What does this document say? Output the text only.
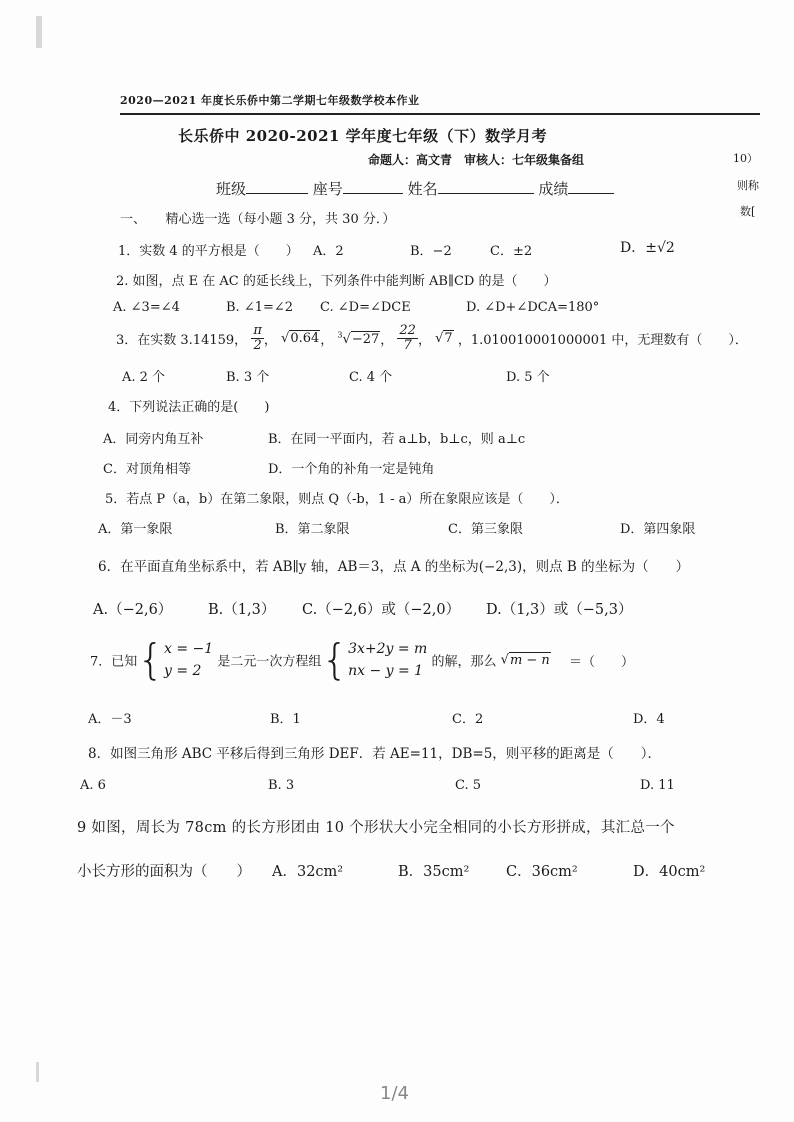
2020—2021 年度长乐侨中第二学期七年级数学校本作业
长乐侨中 2020-2021 学年度七年级（下）数学月考
命题人：高文青　审核人：七年级集备组	10）
则称
数[
班级	座号	姓名	成绩
一、　　精心选一选（每小题 3 分，共 30 分．）
1．实数 4 的平方根是（　　） A．2	B．−2	C．±2	D．±√2
2. 如图，点 E 在 AC 的延长线上，下列条件中能判断 AB∥CD 的是（　　）
A. ∠3=∠4	B. ∠1=∠2 C. ∠D=∠DCE	D. ∠D+∠DCA=180°
3．在实数 3.14159， $\frac{\pi}{2}$ ， √0.64， $^3$√−27， $\frac{22}{7}$ ， √7 ，1.010010001000001 中，无理数有（　　）．
A. 2 个	B. 3 个	C. 4 个	D. 5 个
4．下列说法正确的是(　　)
A．同旁内角互补	B．在同一平面内，若 a⊥b，b⊥c，则 a⊥c
C．对顶角相等	D．一个角的补角一定是钝角
5．若点 P（a，b）在第二象限，则点 Q（-b，1 - a）所在象限应该是（　　）．
A．第一象限	B．第二象限	C．第三象限	D．第四象限
6．在平面直角坐标系中，若 AB∥y 轴，AB＝3，点 A 的坐标为(−2,3)，则点 B 的坐标为（　　）
A.（−2,6） B.（1,3） C.（−2,6）或（−2,0） D.（1,3）或（−5,3）
7．已知{ x = −1
y = 2
是二元一次方程组{ 3x+2y = m
nx − y = 1
的解，那么 √m − n ＝（　　）
A．－3	B．1	C．2	D．4
8．如图三角形 ABC 平移后得到三角形 DEF．若 AE=11，DB=5，则平移的距离是（　　）．
A. 6	B. 3	C. 5	D. 11
9 如图，周长为 78cm 的长方形团由 10 个形状大小完全相同的小长方形拼成，其汇总一个
小长方形的面积为（　　） A．32cm²	B．35cm²	C．36cm²	D．40cm²
1/4
